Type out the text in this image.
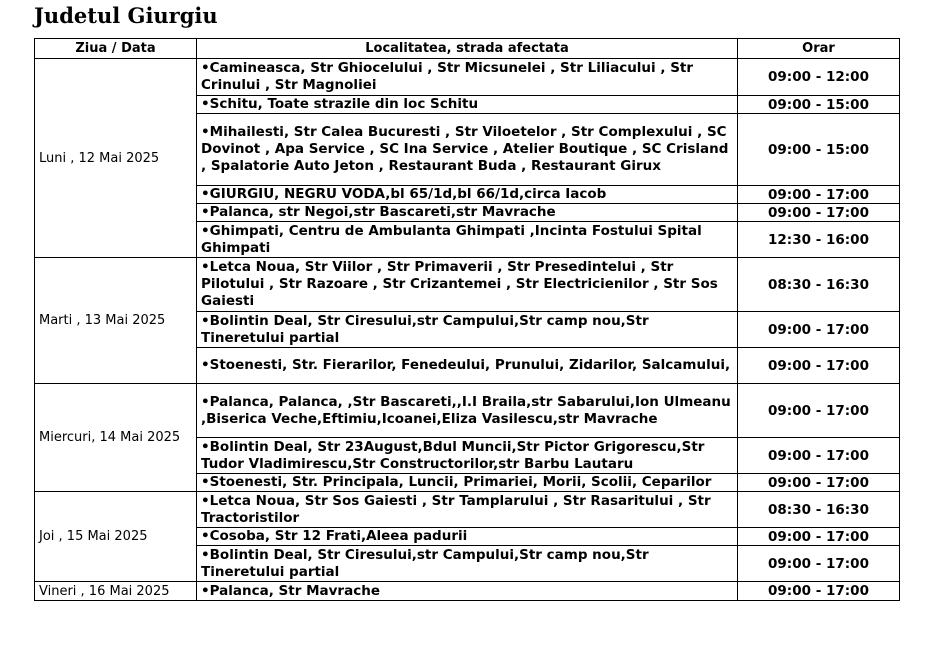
Judetul Giurgiu
Ziua / Data	Localitatea, strada afectata	Orar
Luni , 12 Mai 2025	•Camineasca, Str Ghiocelului , Str Micsunelei , Str Liliacului , Str Crinului , Str Magnoliei	09:00 - 12:00
	•Schitu, Toate strazile din loc Schitu	09:00 - 15:00
	•Mihailesti, Str Calea Bucuresti , Str Viloetelor , Str Complexului , SC Dovinot , Apa Service , SC Ina Service , Atelier Boutique , SC Crisland , Spalatorie Auto Jeton , Restaurant Buda , Restaurant Girux	09:00 - 15:00
	•GIURGIU, NEGRU VODA,bl 65/1d,bl 66/1d,circa Iacob	09:00 - 17:00
	•Palanca, str Negoi,str Bascareti,str Mavrache	09:00 - 17:00
	•Ghimpati, Centru de Ambulanta Ghimpati ,Incinta Fostului Spital Ghimpati	12:30 - 16:00
Marti , 13 Mai 2025	•Letca Noua, Str Viilor , Str Primaverii , Str Presedintelui , Str Pilotului , Str Razoare , Str Crizantemei , Str Electricienilor , Str Sos Gaiesti	08:30 - 16:30
	•Bolintin Deal, Str Ciresului,str Campului,Str camp nou,Str Tineretului partial	09:00 - 17:00
	•Stoenesti, Str. Fierarilor, Fenedeului, Prunului, Zidarilor, Salcamului,	09:00 - 17:00
Miercuri, 14 Mai 2025	•Palanca, Palanca, ,Str Bascareti,,I.I Braila,str Sabarului,Ion Ulmeanu ,Biserica Veche,Eftimiu,Icoanei,Eliza Vasilescu,str Mavrache	09:00 - 17:00
	•Bolintin Deal, Str 23August,Bdul Muncii,Str Pictor Grigorescu,Str Tudor Vladimirescu,Str Constructorilor,str Barbu Lautaru	09:00 - 17:00
	•Stoenesti, Str. Principala, Luncii, Primariei, Morii, Scolii, Ceparilor	09:00 - 17:00
Joi , 15 Mai 2025	•Letca Noua, Str Sos Gaiesti , Str Tamplarului , Str Rasaritului , Str Tractoristilor	08:30 - 16:30
	•Cosoba, Str 12 Frati,Aleea padurii	09:00 - 17:00
	•Bolintin Deal, Str Ciresului,str Campului,Str camp nou,Str Tineretului partial	09:00 - 17:00
Vineri , 16 Mai 2025	•Palanca, Str Mavrache	09:00 - 17:00
